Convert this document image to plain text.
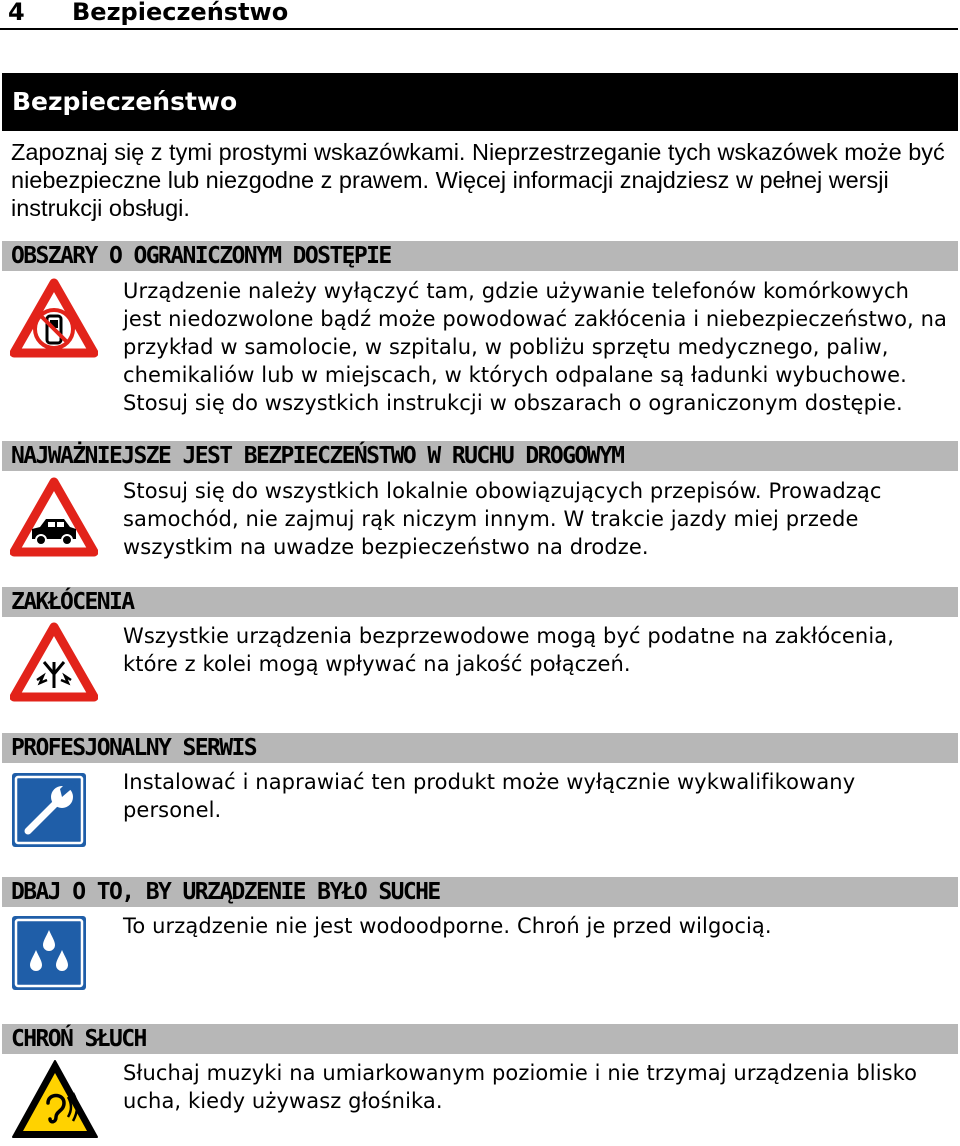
4 Bezpieczeństwo
Bezpieczeństwo
Zapoznaj się z tymi prostymi wskazówkami. Nieprzestrzeganie tych wskazówek może być niebezpieczne lub niezgodne z prawem. Więcej informacji znajdziesz w pełnej wersji instrukcji obsługi.
OBSZARY O OGRANICZONYM DOSTĘPIE
Urządzenie należy wyłączyć tam, gdzie używanie telefonów komórkowych jest niedozwolone bądź może powodować zakłócenia i niebezpieczeństwo, na przykład w samolocie, w szpitalu, w pobliżu sprzętu medycznego, paliw, chemikaliów lub w miejscach, w których odpalane są ładunki wybuchowe. Stosuj się do wszystkich instrukcji w obszarach o ograniczonym dostępie.
NAJWAŻNIEJSZE JEST BEZPIECZEŃSTWO W RUCHU DROGOWYM
Stosuj się do wszystkich lokalnie obowiązujących przepisów. Prowadząc samochód, nie zajmuj rąk niczym innym. W trakcie jazdy miej przede wszystkim na uwadze bezpieczeństwo na drodze.
ZAKŁÓCENIA
Wszystkie urządzenia bezprzewodowe mogą być podatne na zakłócenia, które z kolei mogą wpływać na jakość połączeń.
PROFESJONALNY SERWIS
Instalować i naprawiać ten produkt może wyłącznie wykwalifikowany personel.
DBAJ O TO, BY URZĄDZENIE BYŁO SUCHE
To urządzenie nie jest wodoodporne. Chroń je przed wilgocią.
CHROŃ SŁUCH
Słuchaj muzyki na umiarkowanym poziomie i nie trzymaj urządzenia blisko ucha, kiedy używasz głośnika.
